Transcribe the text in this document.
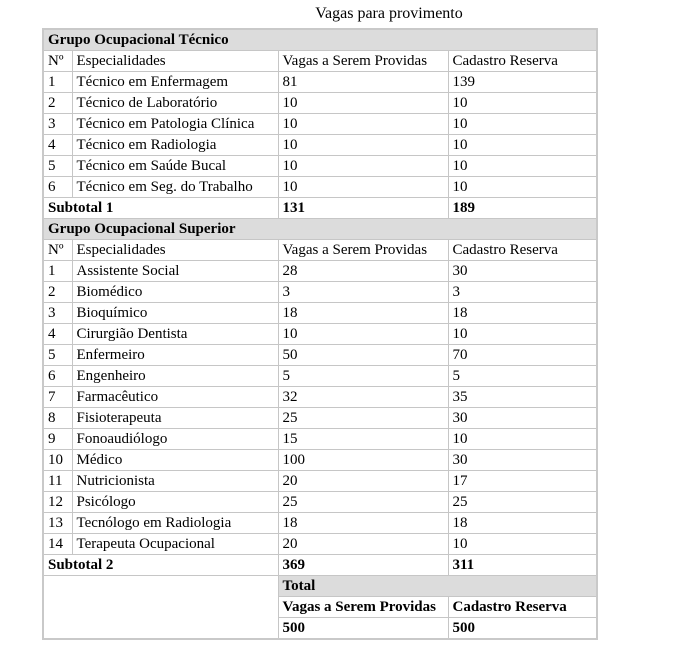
Vagas para provimento
Grupo Ocupacional Técnico			
Nº	Especialidades	Vagas a Serem Providas	Cadastro Reserva
1	Técnico em Enfermagem	81	139
2	Técnico de Laboratório	10	10
3	Técnico em Patologia Clínica	10	10
4	Técnico em Radiologia	10	10
5	Técnico em Saúde Bucal	10	10
6	Técnico em Seg. do Trabalho	10	10
Subtotal 1		131	189
Grupo Ocupacional Superior			
Nº	Especialidades	Vagas a Serem Providas	Cadastro Reserva
1	Assistente Social	28	30
2	Biomédico	3	3
3	Bioquímico	18	18
4	Cirurgião Dentista	10	10
5	Enfermeiro	50	70
6	Engenheiro	5	5
7	Farmacêutico	32	35
8	Fisioterapeuta	25	30
9	Fonoaudiólogo	15	10
10	Médico	100	30
11	Nutricionista	20	17
12	Psicólogo	25	25
13	Tecnólogo em Radiologia	18	18
14	Terapeuta Ocupacional	20	10
Subtotal 2		369	311
		Total	
		Vagas a Serem Providas	Cadastro Reserva
		500	500
